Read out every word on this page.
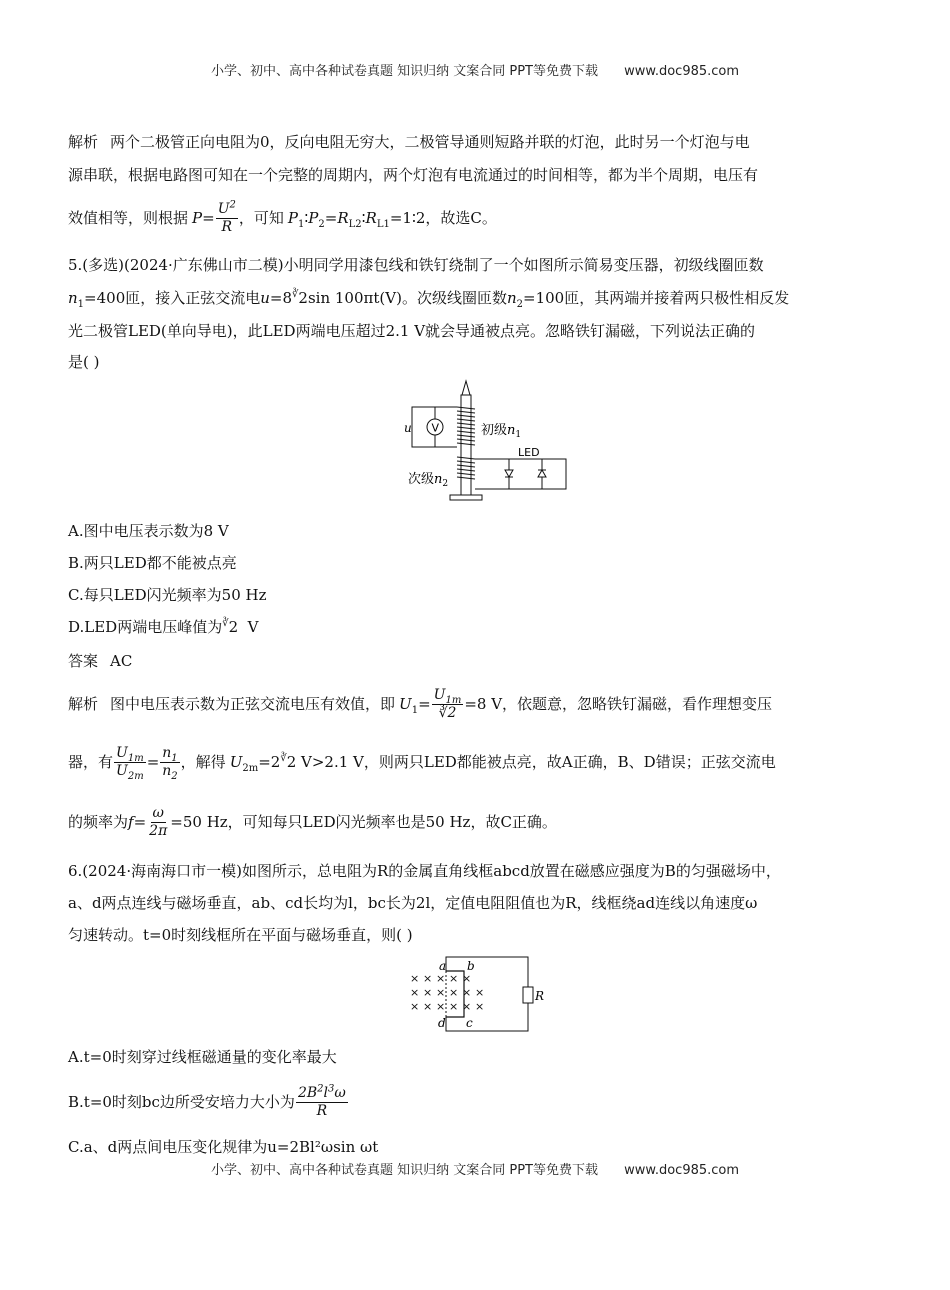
小学、初中、高中各种试卷真题 知识归纳 文案合同 PPT等免费下载 www.doc985.com
解析 两个二极管正向电阻为0，反向电阻无穷大，二极管导通则短路并联的灯泡，此时另一个灯泡与电
源串联，根据电路图可知在一个完整的周期内，两个灯泡有电流通过的时间相等，都为半个周期，电压有
效值相等，则根据 $P= \frac{U^2}{R}$ ，可知 $P_1∶P_2=R_{L2}∶R_{L1}=1∶2$ ，故选C。
5.(多选)(2024·广东佛山市二模)小明同学用漆包线和铁钉绕制了一个如图所示简易变压器，初级线圈匝数
$n_1=400$匝，接入正弦交流电u=8∛2sin 100πt(V)。次级线圈匝数$n_2=100$匝，其两端并接着两只极性相反发
光二极管LED(单向导电)，此LED两端电压超过2.1 V就会导通被点亮。忽略铁钉漏磁，下列说法正确的
是( )
V
u	初级$n_1$
LED
次级$n_2$
A.图中电压表示数为8 V
B.两只LED都不能被点亮
C.每只LED闪光频率为50 Hz
D.LED两端电压峰值为∛2  V
答案 AC
解析 图中电压表示数为正弦交流电压有效值，即 $U_1= \frac{U_{1m}}{∛2} =8$ V，依题意，忽略铁钉漏磁，看作理想变压
器，有 $\frac{U_{1m}}{U_{2m}} = \frac{n_1}{n_2}$ ，解得 $U_{2m}=2^∛2$ V>2.1 V，则两只LED都能被点亮，故A正确，B、D错误；正弦交流电
的频率为 $f= \frac{\omega}{2\pi} =50$ Hz，可知每只LED闪光频率也是50 Hz，故C正确。
6.(2024·海南海口市一模)如图所示，总电阻为R的金属直角线框abcd放置在磁感应强度为B的匀强磁场中，
a、d两点连线与磁场垂直，ab、cd长均为l，bc长为2l，定值电阻阻值也为R，线框绕ad连线以角速度ω
匀速转动。t=0时刻线框所在平面与磁场垂直，则( )
× × × × ×
× × × × × ×
× × × × × ×
R
a b
c
d
A.t=0时刻穿过线框磁通量的变化率最大
B.t=0时刻bc边所受安培力大小为 $\frac{2B^2l^3\omega}{R}$
C.a、d两点间电压变化规律为u=2Bl²ωsin ωt
小学、初中、高中各种试卷真题 知识归纳 文案合同 PPT等免费下载 www.doc985.com
